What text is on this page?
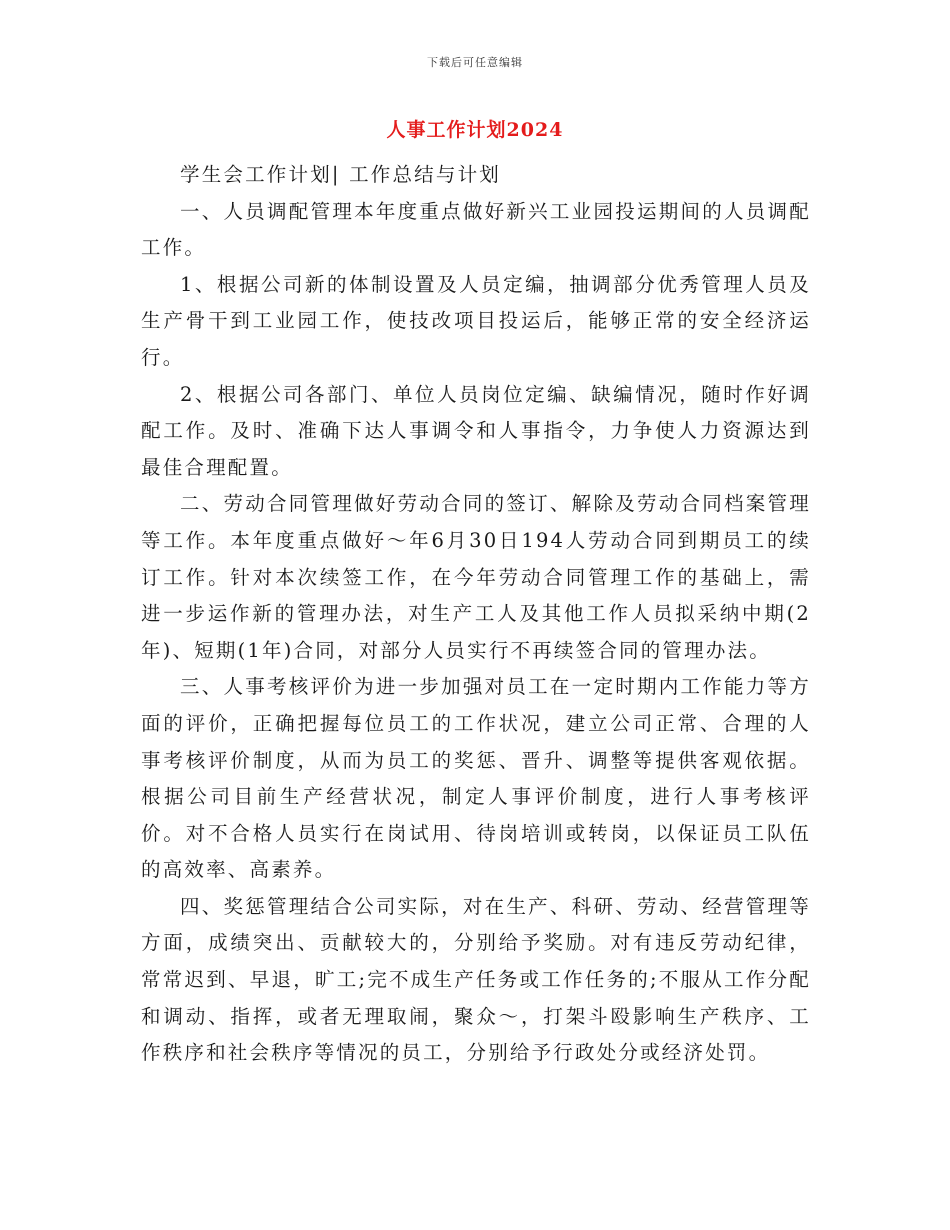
下载后可任意编辑
人事工作计划2024

学生会工作计划| 工作总结与计划

一、人员调配管理本年度重点做好新兴工业园投运期间的人员调配工作。

1、根据公司新的体制设置及人员定编，抽调部分优秀管理人员及生产骨干到工业园工作，使技改项目投运后，能够正常的安全经济运行。

2、根据公司各部门、单位人员岗位定编、缺编情况，随时作好调配工作。及时、准确下达人事调令和人事指令，力争使人力资源达到最佳合理配置。

二、劳动合同管理做好劳动合同的签订、解除及劳动合同档案管理等工作。本年度重点做好～年6月30日194人劳动合同到期员工的续订工作。针对本次续签工作，在今年劳动合同管理工作的基础上，需进一步运作新的管理办法，对生产工人及其他工作人员拟采纳中期(2年)、短期(1年)合同，对部分人员实行不再续签合同的管理办法。

三、人事考核评价为进一步加强对员工在一定时期内工作能力等方面的评价，正确把握每位员工的工作状况，建立公司正常、合理的人事考核评价制度，从而为员工的奖惩、晋升、调整等提供客观依据。根据公司目前生产经营状况，制定人事评价制度，进行人事考核评价。对不合格人员实行在岗试用、待岗培训或转岗，以保证员工队伍的高效率、高素养。

四、奖惩管理结合公司实际，对在生产、科研、劳动、经营管理等方面，成绩突出、贡献较大的，分别给予奖励。对有违反劳动纪律，常常迟到、早退，旷工;完不成生产任务或工作任务的;不服从工作分配和调动、指挥，或者无理取闹，聚众～，打架斗殴影响生产秩序、工作秩序和社会秩序等情况的员工，分别给予行政处分或经济处罚。
